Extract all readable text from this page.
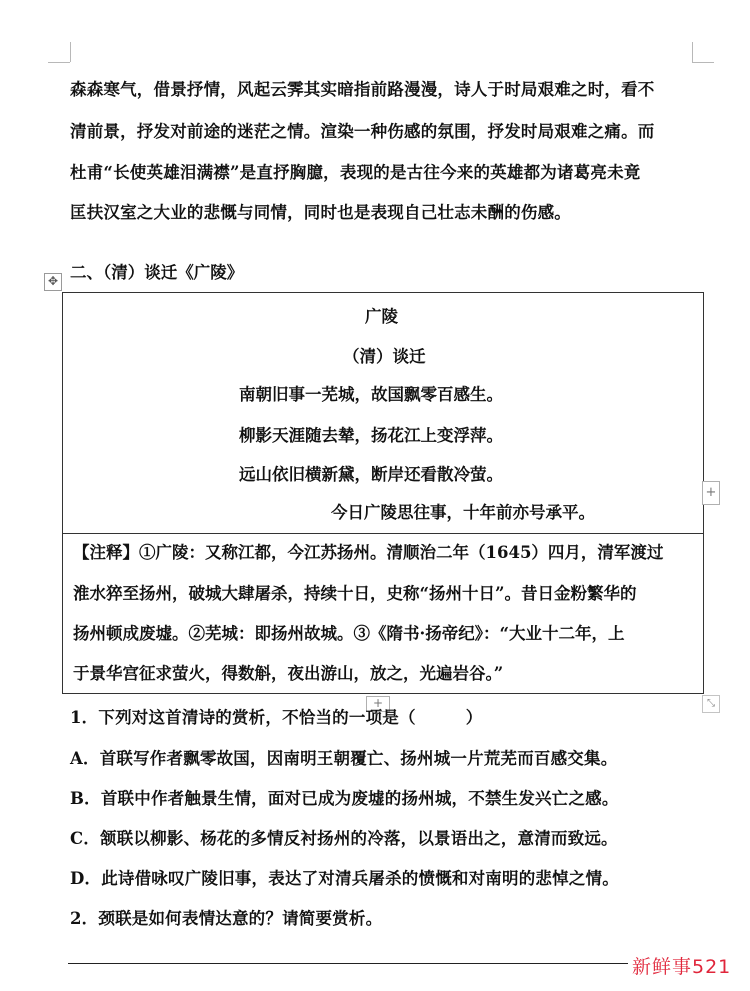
森森寒气，借景抒情，风起云霁其实暗指前路漫漫，诗人于时局艰难之时，看不
清前景，抒发对前途的迷茫之情。渲染一种伤感的氛围，抒发时局艰难之痛。而
杜甫“长使英雄泪满襟”是直抒胸臆，表现的是古往今来的英雄都为诸葛亮未竟
匡扶汉室之大业的悲慨与同情，同时也是表现自己壮志未酬的伤感。
二、（清）谈迁《广陵》
✥
广陵
（清）谈迁
南朝旧事一芜城，故国飘零百感生。
柳影天涯随去辇，扬花江上变浮萍。
远山依旧横新黛，断岸还看散冷萤。
今日广陵思往事，十年前亦号承平。
【注释】①广陵：又称江都，今江苏扬州。清顺治二年（1645）四月，清军渡过
淮水猝至扬州，破城大肆屠杀，持续十日，史称“扬州十日”。昔日金粉繁华的
扬州顿成废墟。②芜城：即扬州故城。③《隋书·扬帝纪》：“大业十二年，上
于景华宫征求萤火，得数斛，夜出游山，放之，光遍岩谷。”
+
+	⤡
1．下列对这首清诗的赏析，不恰当的一项是（　　　）
A．首联写作者飘零故国，因南明王朝覆亡、扬州城一片荒芜而百感交集。
B．首联中作者触景生情，面对已成为废墟的扬州城，不禁生发兴亡之感。
C．颔联以柳影、杨花的多情反衬扬州的冷落，以景语出之，意清而致远。
D．此诗借咏叹广陵旧事，表达了对清兵屠杀的愤慨和对南明的悲悼之情。
2．颈联是如何表情达意的？请简要赏析。
新鲜事521
